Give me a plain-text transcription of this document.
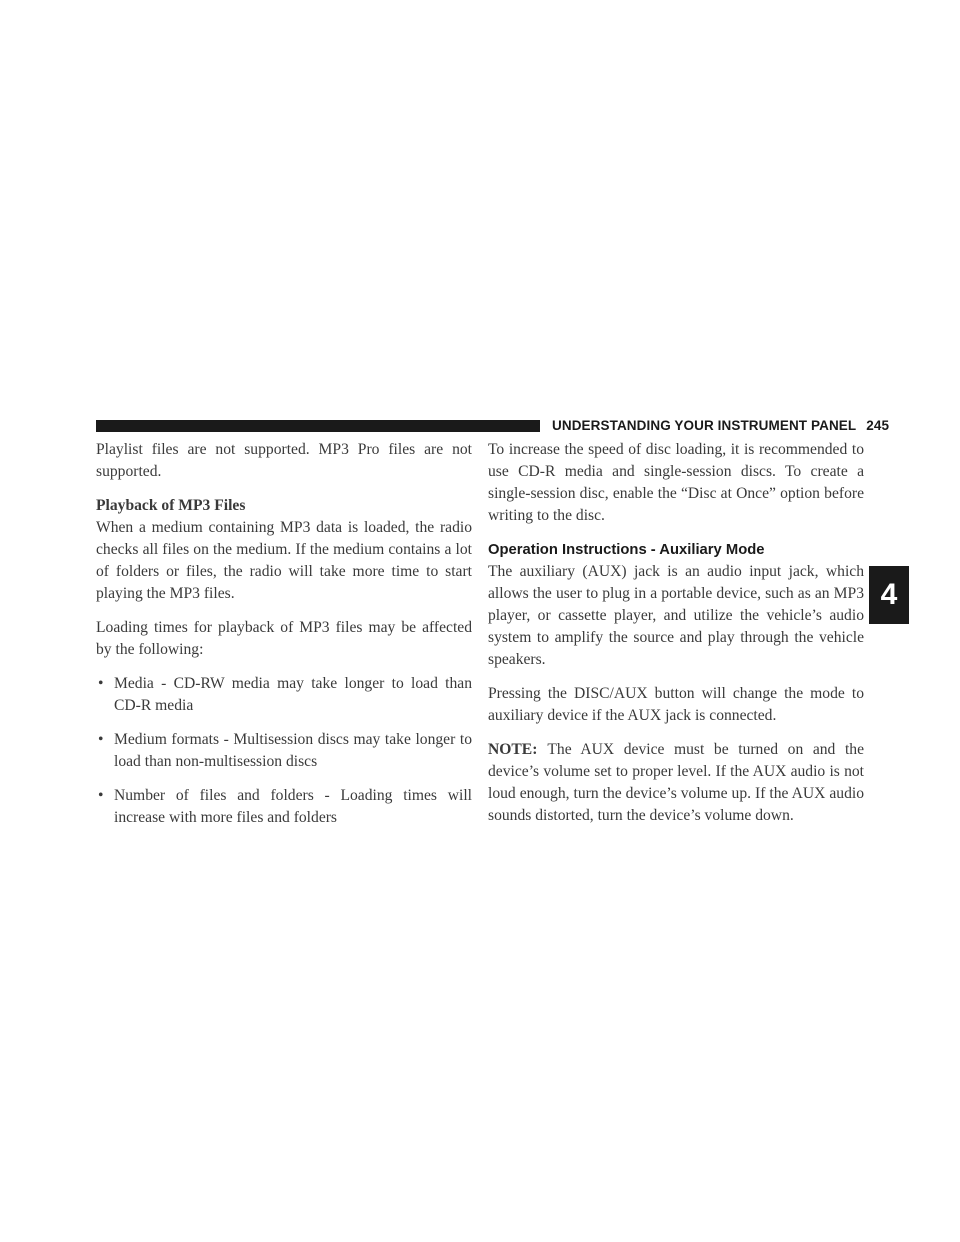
UNDERSTANDING YOUR INSTRUMENT PANEL 245
4

Playlist files are not supported. MP3 Pro files are not supported.

Playback of MP3 Files

When a medium containing MP3 data is loaded, the radio checks all files on the medium. If the medium contains a lot of folders or files, the radio will take more time to start playing the MP3 files.

Loading times for playback of MP3 files may be affected by the following:

• Media - CD-RW media may take longer to load than CD-R media
• Medium formats - Multisession discs may take longer to load than non-multisession discs
• Number of files and folders - Loading times will increase with more files and folders

To increase the speed of disc loading, it is recommended to use CD-R media and single-session discs. To create a single-session disc, enable the “Disc at Once” option before writing to the disc.

Operation Instructions - Auxiliary Mode

The auxiliary (AUX) jack is an audio input jack, which allows the user to plug in a portable device, such as an MP3 player, or cassette player, and utilize the vehicle’s audio system to amplify the source and play through the vehicle speakers.

Pressing the DISC/AUX button will change the mode to auxiliary device if the AUX jack is connected.

NOTE: The AUX device must be turned on and the device’s volume set to proper level. If the AUX audio is not loud enough, turn the device’s volume up. If the AUX audio sounds distorted, turn the device’s volume down.
